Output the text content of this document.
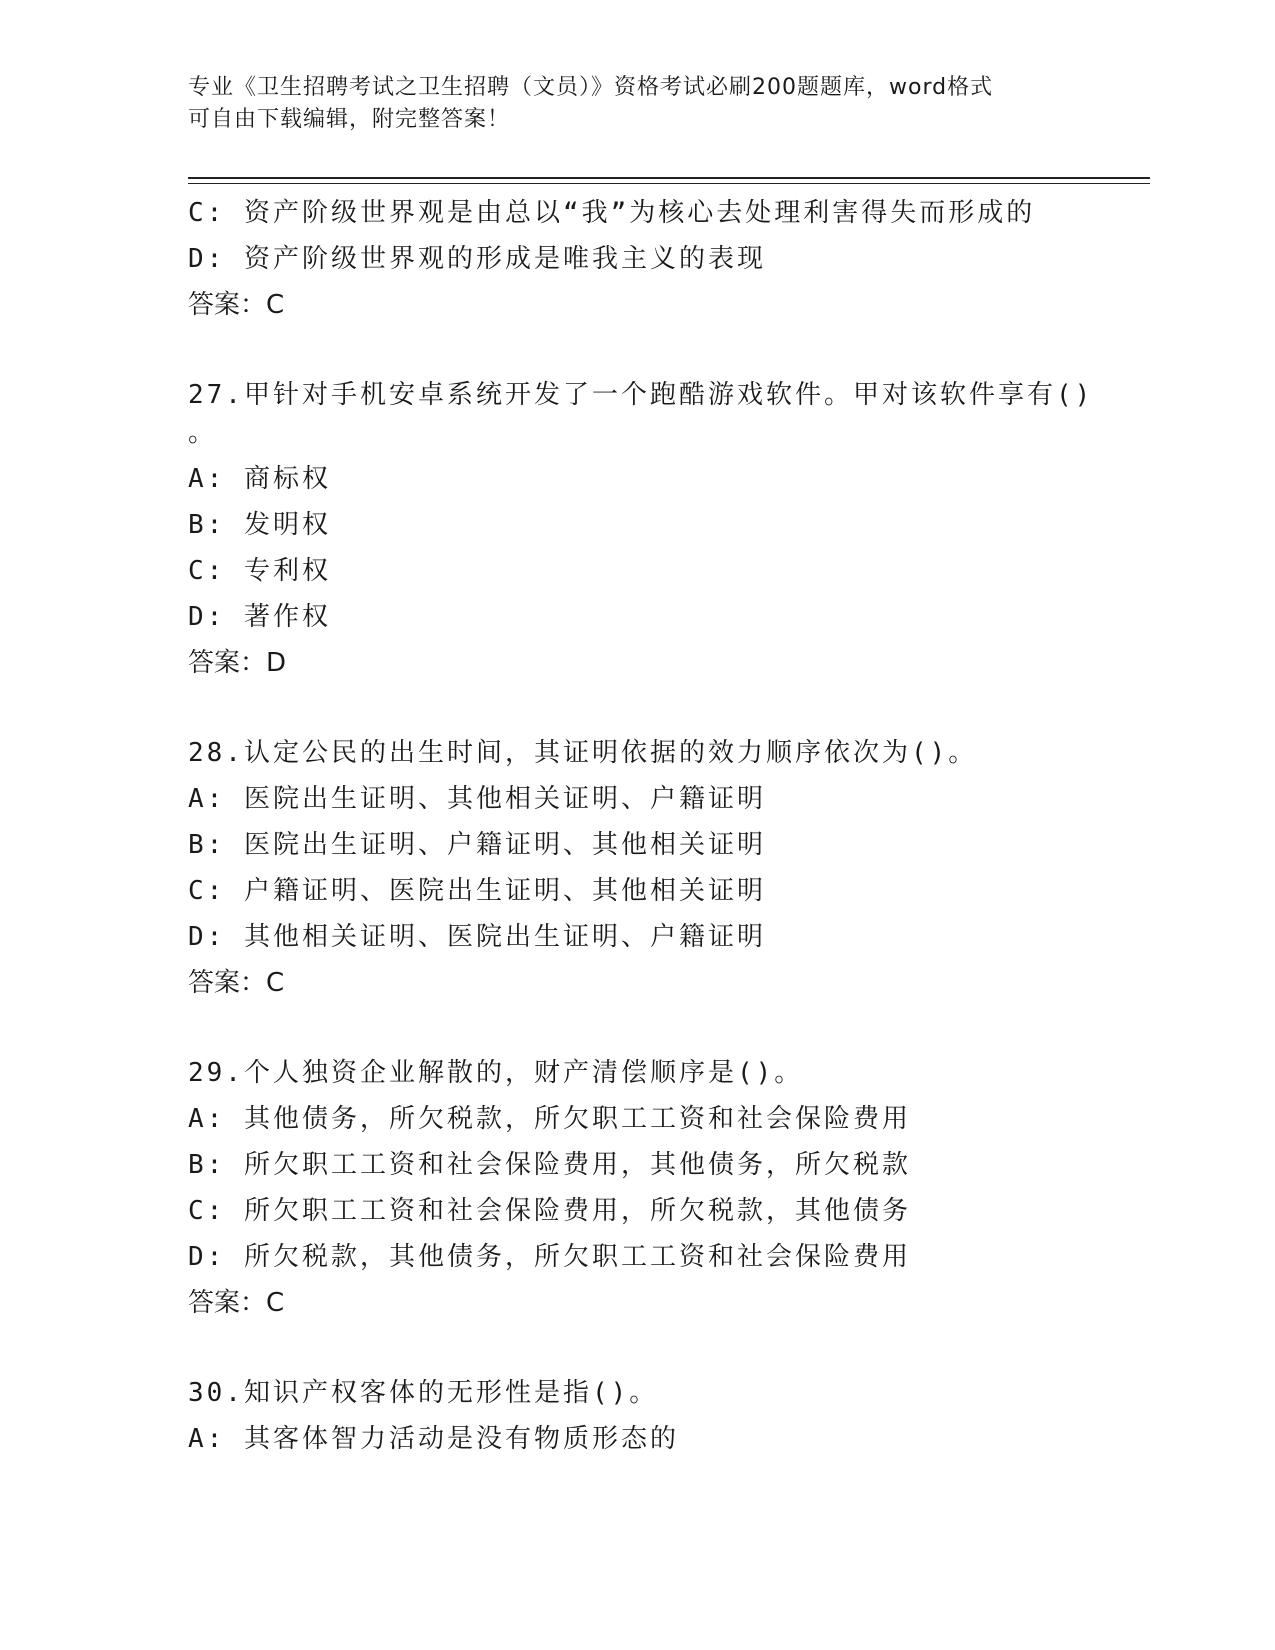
专业《卫生招聘考试之卫生招聘（文员）》资格考试必刷200题题库，word格式
可自由下载编辑，附完整答案！
C: 资产阶级世界观是由总以“我”为核心去处理利害得失而形成的
D: 资产阶级世界观的形成是唯我主义的表现
答案：C
27.甲针对手机安卓系统开发了一个跑酷游戏软件。甲对该软件享有()
。
A: 商标权
B: 发明权
C: 专利权
D: 著作权
答案：D
28.认定公民的出生时间，其证明依据的效力顺序依次为()。
A: 医院出生证明、其他相关证明、户籍证明
B: 医院出生证明、户籍证明、其他相关证明
C: 户籍证明、医院出生证明、其他相关证明
D: 其他相关证明、医院出生证明、户籍证明
答案：C
29.个人独资企业解散的，财产清偿顺序是()。
A: 其他债务，所欠税款，所欠职工工资和社会保险费用
B: 所欠职工工资和社会保险费用，其他债务，所欠税款
C: 所欠职工工资和社会保险费用，所欠税款，其他债务
D: 所欠税款，其他债务，所欠职工工资和社会保险费用
答案：C
30.知识产权客体的无形性是指()。
A: 其客体智力活动是没有物质形态的
